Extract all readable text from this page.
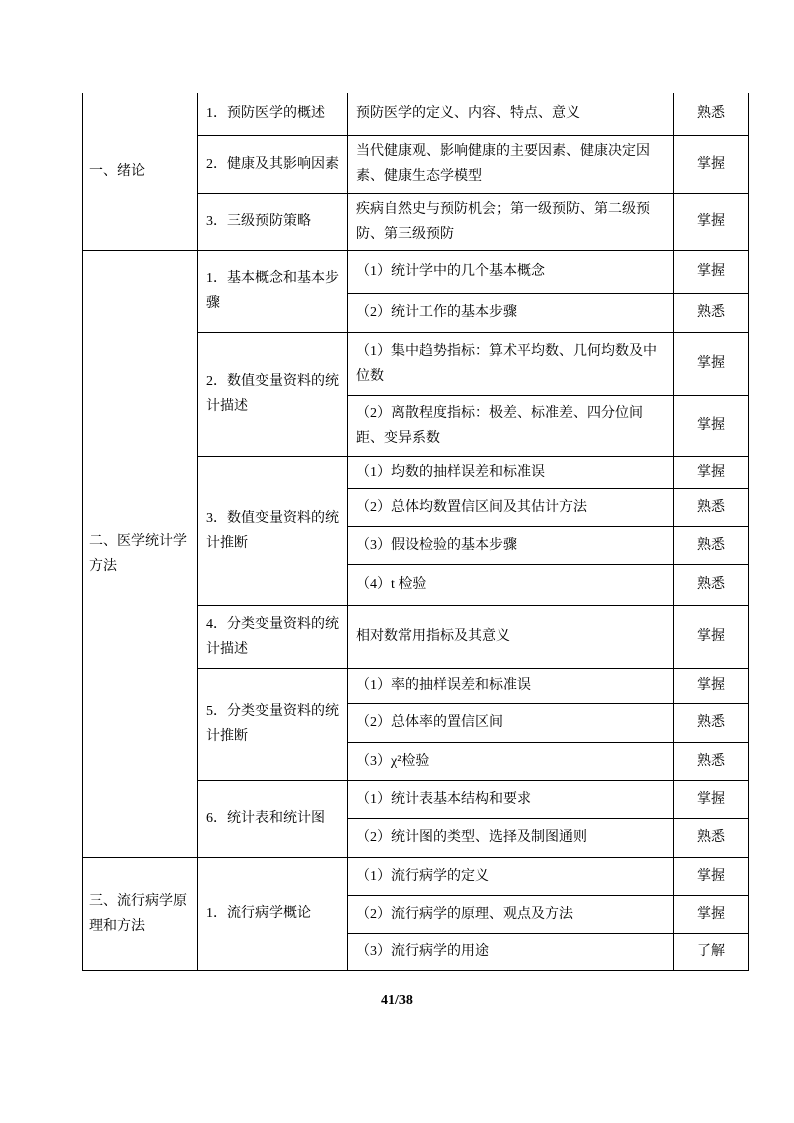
一、绪论	1．预防医学的概述	预防医学的定义、内容、特点、意义	熟悉
	2．健康及其影响因素	当代健康观、影响健康的主要因素、健康决定因素、健康生态学模型	掌握
	3．三级预防策略	疾病自然史与预防机会；第一级预防、第二级预防、第三级预防	掌握
二、医学统计学方法	1．基本概念和基本步骤	（1）统计学中的几个基本概念	掌握
		（2）统计工作的基本步骤	熟悉
	2．数值变量资料的统计描述	（1）集中趋势指标：算术平均数、几何均数及中位数	掌握
		（2）离散程度指标：极差、标准差、四分位间距、变异系数	掌握
	3．数值变量资料的统计推断	（1）均数的抽样误差和标准误	掌握
		（2）总体均数置信区间及其估计方法	熟悉
		（3）假设检验的基本步骤	熟悉
		（4）t 检验	熟悉
	4．分类变量资料的统计描述	相对数常用指标及其意义	掌握
	5．分类变量资料的统计推断	（1）率的抽样误差和标准误	掌握
		（2）总体率的置信区间	熟悉
		（3）χ²检验	熟悉
	6．统计表和统计图	（1）统计表基本结构和要求	掌握
		（2）统计图的类型、选择及制图通则	熟悉
三、流行病学原理和方法	1．流行病学概论	（1）流行病学的定义	掌握
		（2）流行病学的原理、观点及方法	掌握
		（3）流行病学的用途	了解
41/38
